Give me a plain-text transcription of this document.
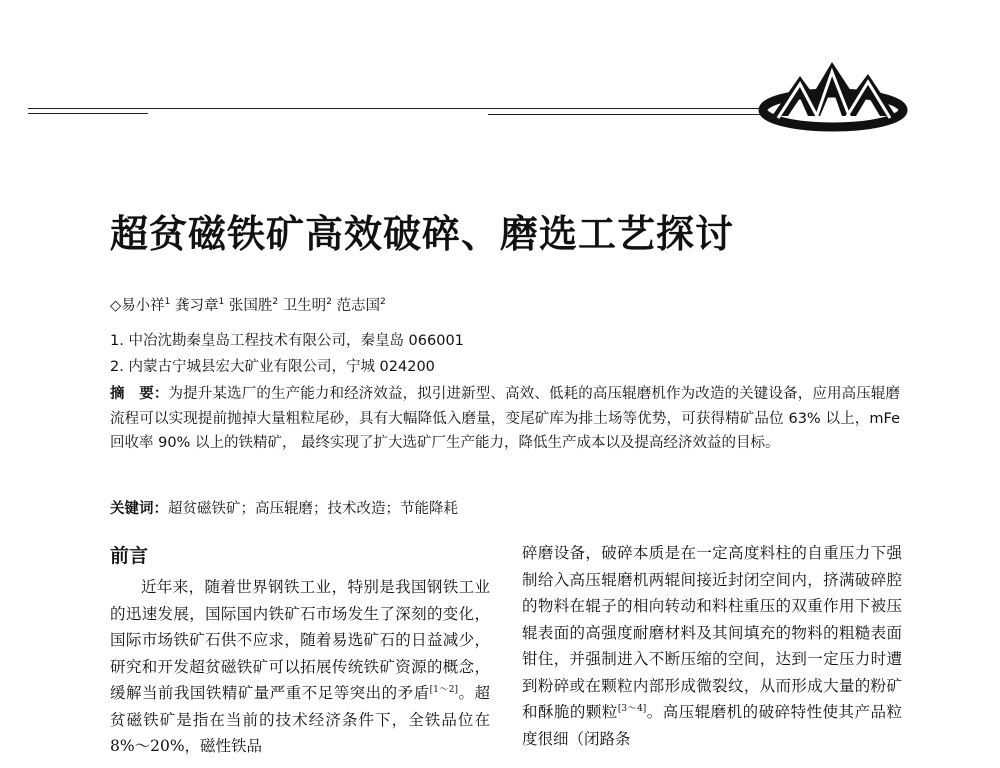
超贫磁铁矿高效破碎、磨选工艺探讨
◇易小祥$^1$ 龚习章$^1$ 张国胜$^2$ 卫生明$^2$ 范志国$^2$
1. 中冶沈勘秦皇岛工程技术有限公司，秦皇岛 066001
2. 内蒙古宁城县宏大矿业有限公司，宁城 024200
摘　要：为提升某选厂的生产能力和经济效益，拟引进新型、高效、低耗的高压辊磨机作为改造的关键设备，应用高压辊磨流程可以实现提前抛掉大量粗粒尾砂，具有大幅降低入磨量，变尾矿库为排土场等优势，可获得精矿品位 63% 以上，mFe 回收率 90% 以上的铁精矿， 最终实现了扩大选矿厂生产能力，降低生产成本以及提高经济效益的目标。
关键词：超贫磁铁矿；高压辊磨；技术改造；节能降耗
前言
近年来，随着世界钢铁工业，特别是我国钢铁工业的迅速发展，国际国内铁矿石市场发生了深刻的变化，国际市场铁矿石供不应求，随着易选矿石的日益减少，研究和开发超贫磁铁矿可以拓展传统铁矿资源的概念，缓解当前我国铁精矿量严重不足等突出的矛盾[1～2]。超贫磁铁矿是指在当前的技术经济条件下，全铁品位在 8%～20%，磁性铁品
碎磨设备，破碎本质是在一定高度料柱的自重压力下强制给入高压辊磨机两辊间接近封闭空间内，挤满破碎腔的物料在辊子的相向转动和料柱重压的双重作用下被压辊表面的高强度耐磨材料及其间填充的物料的粗糙表面钳住，并强制进入不断压缩的空间，达到一定压力时遭到粉碎或在颗粒内部形成微裂纹，从而形成大量的粉矿和酥脆的颗粒[3～4]。高压辊磨机的破碎特性使其产品粒度很细（闭路条
